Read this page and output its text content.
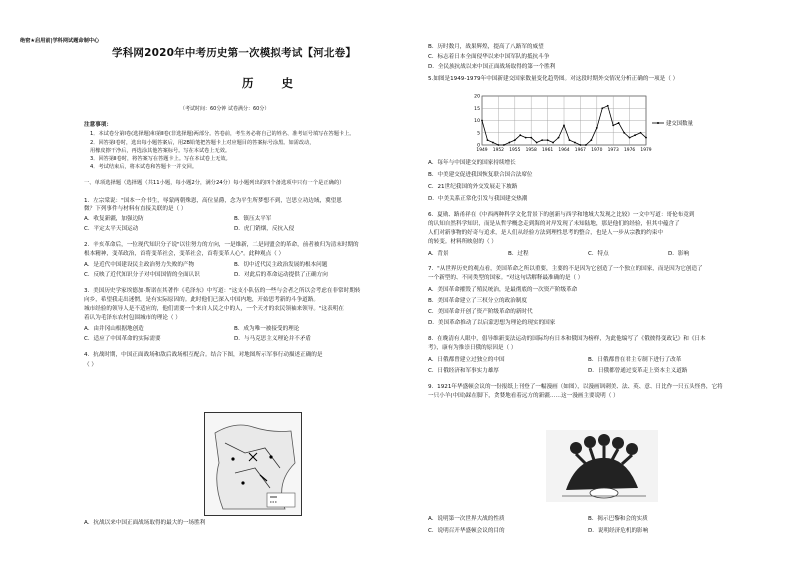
绝密★启用前|学科网试题命制中心
学科网2020年中考历史第一次模拟考试【河北卷】
历 史
（考试时间：60分钟 试卷满分：60分）
注意事项：
1．本试卷分第Ⅰ卷(选择题)和第Ⅱ卷(非选择题)两部分。答卷前，考生务必将自己的姓名、准考证号填写在答题卡上。
2．回答第Ⅰ卷时，选出每小题答案后，用2B铅笔把答题卡上对应题目的答案标号涂黑。如需改动，
用橡皮擦干净后，再选涂其他答案标号。写在本试卷上无效。
3．回答第Ⅱ卷时，将答案写在答题卡上。写在本试卷上无效。
4．考试结束后，将本试卷和答题卡一并交回。
一、单项选择题（选择题（共11小题，每小题2分，满分24分）每小题列出的四个备选项中只有一个是正确的）
1．左宗棠说："国本一介书生，辱蒙两朝殊恩，高位显爵，念为平生所梦想不到，岂思立功边域，冀望恩
微？下列事件与材料有直接关联的是（ ）
A．收复新疆，加强边防	B．镇压太平军
C．平定太平天国运动	D．虎门销烟，反抗入侵
2．辛亥革命后，一位现代知识分子说"以往努力的方向，一是维新，二是同盟会的革命，前者被归为清末时期的
根本精神，变革政治，首将变革社会，变革社会，首将变革人心"。此种观点（ ）
A．是近代中国建设民主政治努力失败的产物	B．切中近代民主政治发展的根本问题
C．反映了近代知识分子对中国国情的全面认识	D．对此后的革命运动提供了正确方向
3．美国历史学家埃德加·斯诺在其著作《毛泽东》中写道："这支小队伍的一些与会者之所以会考虑在非常时期转
向乡，希望我走出迷惘，是有实际原因的。此时他们已深入中国内地，开始思考新的斗争道路。
城市经验的领导人是不适应的，他们需要一个来自人民之中的人，一个天才的农民领袖来领导。"这表明在
着认为毛泽东农村包围城市的理论（ ）
A．由井冈山根据地创造	B．成为唯一被接受的理论
C．适应了中国革命的实际需要	D．与马克思主义理论并不矛盾
4．抗战时期，中国正面战场和敌后战场相互配合。结合下图，对地图所示军事行动描述正确的是
（ ）
A．抗战以来中国正面战场取得的最大的一场胜利
B．历时数月，战果辉煌，提高了八路军的威望
C．标志着日本全面侵华以来中国军队的抵抗斗争
D．全民族抗战以来中国正面战场取得的第一个胜利
5.如图是1949-1979年中国新建交国家数量变化趋势图。对这段时期外交情况分析正确的一项是（ ）
0
5
10
15
20
1949 1952 1955 1958 1961 1964 1967 1970 1973 1976 1979
建交国数量
A．毎年与中国建交的国家持续增长
B．中美建交促进我国恢复联合国合法席位
C．21世纪我国的外交发展走下坡路
D．中美关系正常化引发与我国建交热潮
6．夏勋、路甬祥在《中西两种科学文化背景下的创新与西学和地域大发现之比较》一文中写道：哥伦布竟到
的认知自然科学知识，而是从哲学概念走到海的对岸发现了未知陆地，那是他们的经验，但其中蕴含了
人们对新事物的好奇与追求，是人们从经验方法到理性思考的整合，也是人一步从宗教的约束中
的转变。材料所映射的（ ）
A．背景	B．过程	C．特点	D．影响
7．"从世界历史的观点看，美国革命之所以重要，主要的不是因为它创造了一个独立的国家，而是因为它创造了
一个新型的、不同类型的国家。"对这句话解释最准确的是（ ）
A．美国革命摧毁了殖民统治，是最彻底的一次资产阶级革命
B．美国革命建立了三权分立的政治制度
C．美国革命开创了资产阶级革命的新时代
D．美国革命推动了以启蒙思想为理论的现实的国家
8．在晚清有人眼中，倡导维新变法运动的国际均有日本和俄国为榜样，为此他编写了《俄彼得变政记》和《日本
考》，康有为推崇日俄的原因是（ ）
A．日俄都曾建立过独立的中国	B．日俄都曾在君主专制下进行了改革
C．日俄经济和军事实力雄厚	D．日俄都曾通过变革走上资本主义道路
9．1921年华盛顿会议的一份报纸上刊登了一幅漫画（如图），以漫画讽刺美、法、英、意、日比作一只五头怪兽，它将
一只小羊(中国)踩在脚下，贪婪地看着远方的新疆……这一漫画主要说明（ ）
A．说明第一次世界大战的性质	B．揭示巴黎和会的实质
C．说明召开华盛顿会议的目的	D．说明经济危机的影响
